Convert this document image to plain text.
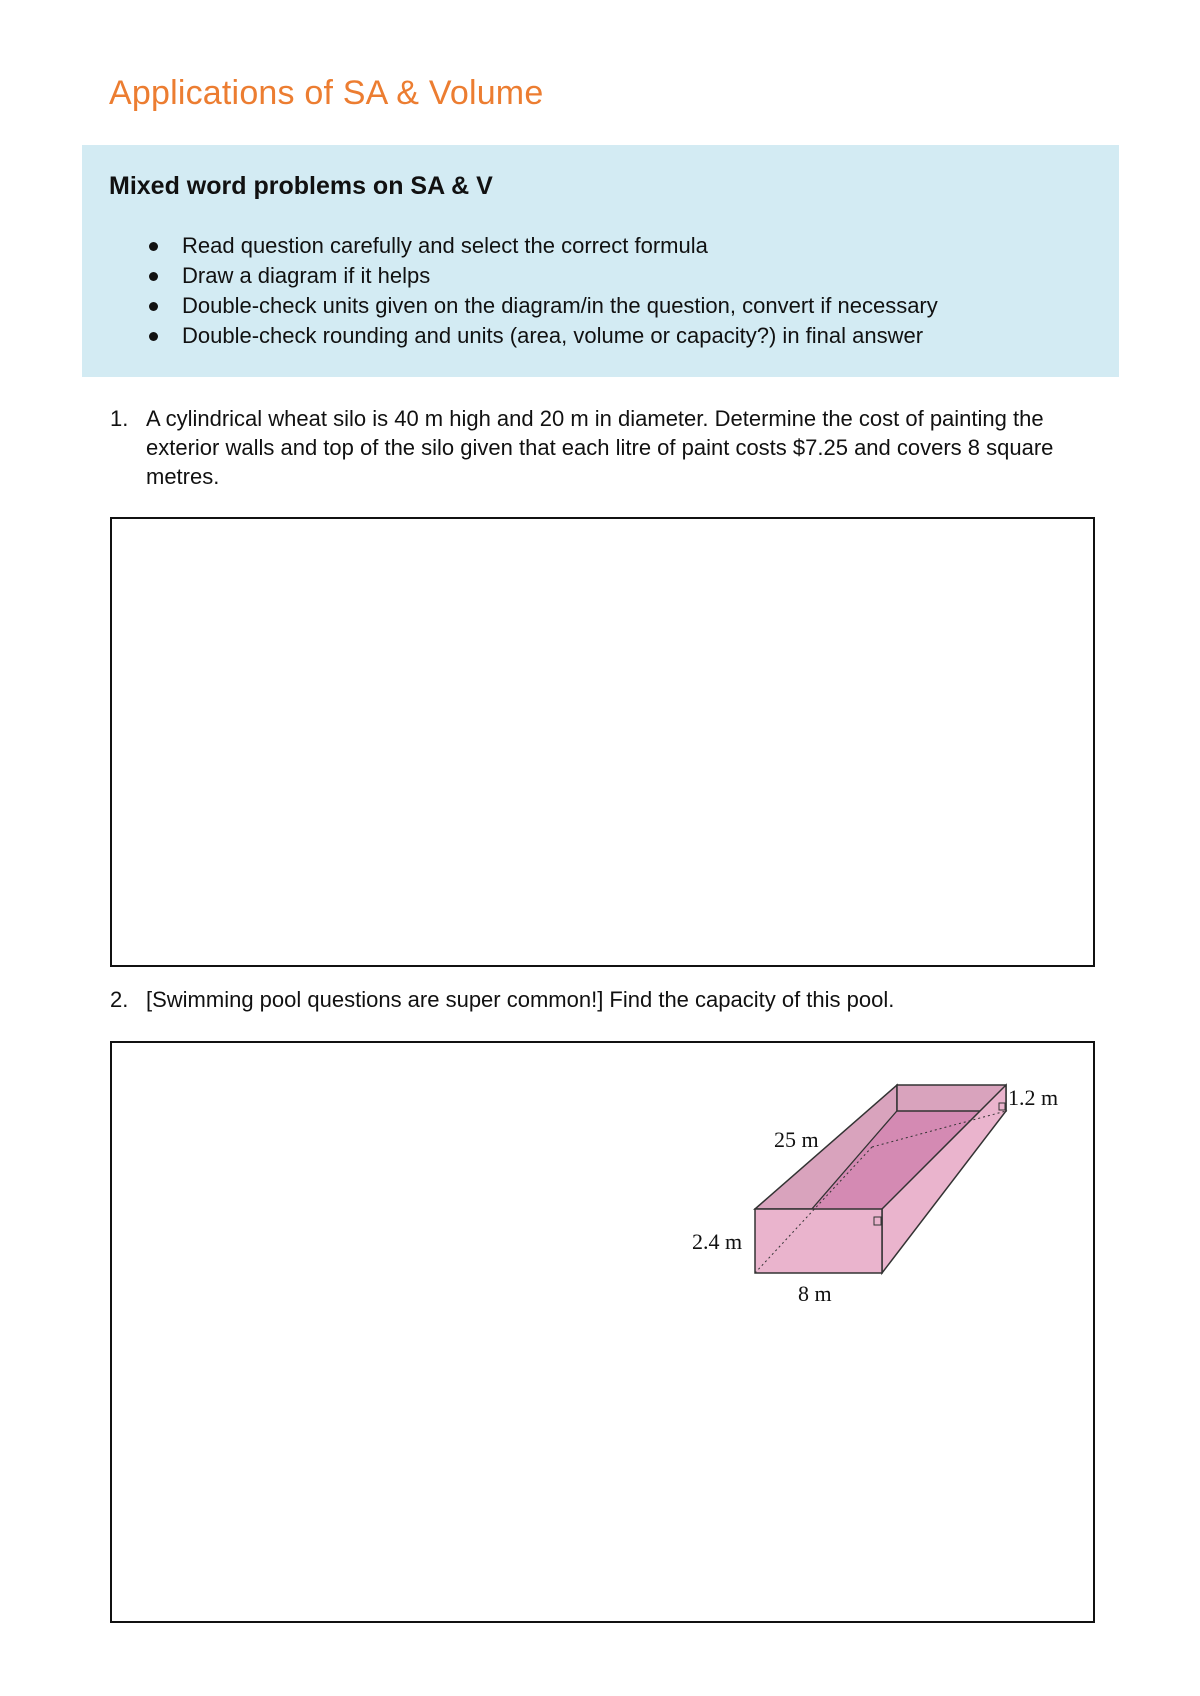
Applications of SA & Volume
Mixed word problems on SA & V
Read question carefully and select the correct formula
Draw a diagram if it helps
Double-check units given on the diagram/in the question, convert if necessary
Double-check rounding and units (area, volume or capacity?) in final answer
1. A cylindrical wheat silo is 40 m high and 20 m in diameter. Determine the cost of painting the exterior walls and top of the silo given that each litre of paint costs $7.25 and covers 8 square metres.
2. [Swimming pool questions are super common!] Find the capacity of this pool.
1.2 m
25 m
2.4 m
8 m
